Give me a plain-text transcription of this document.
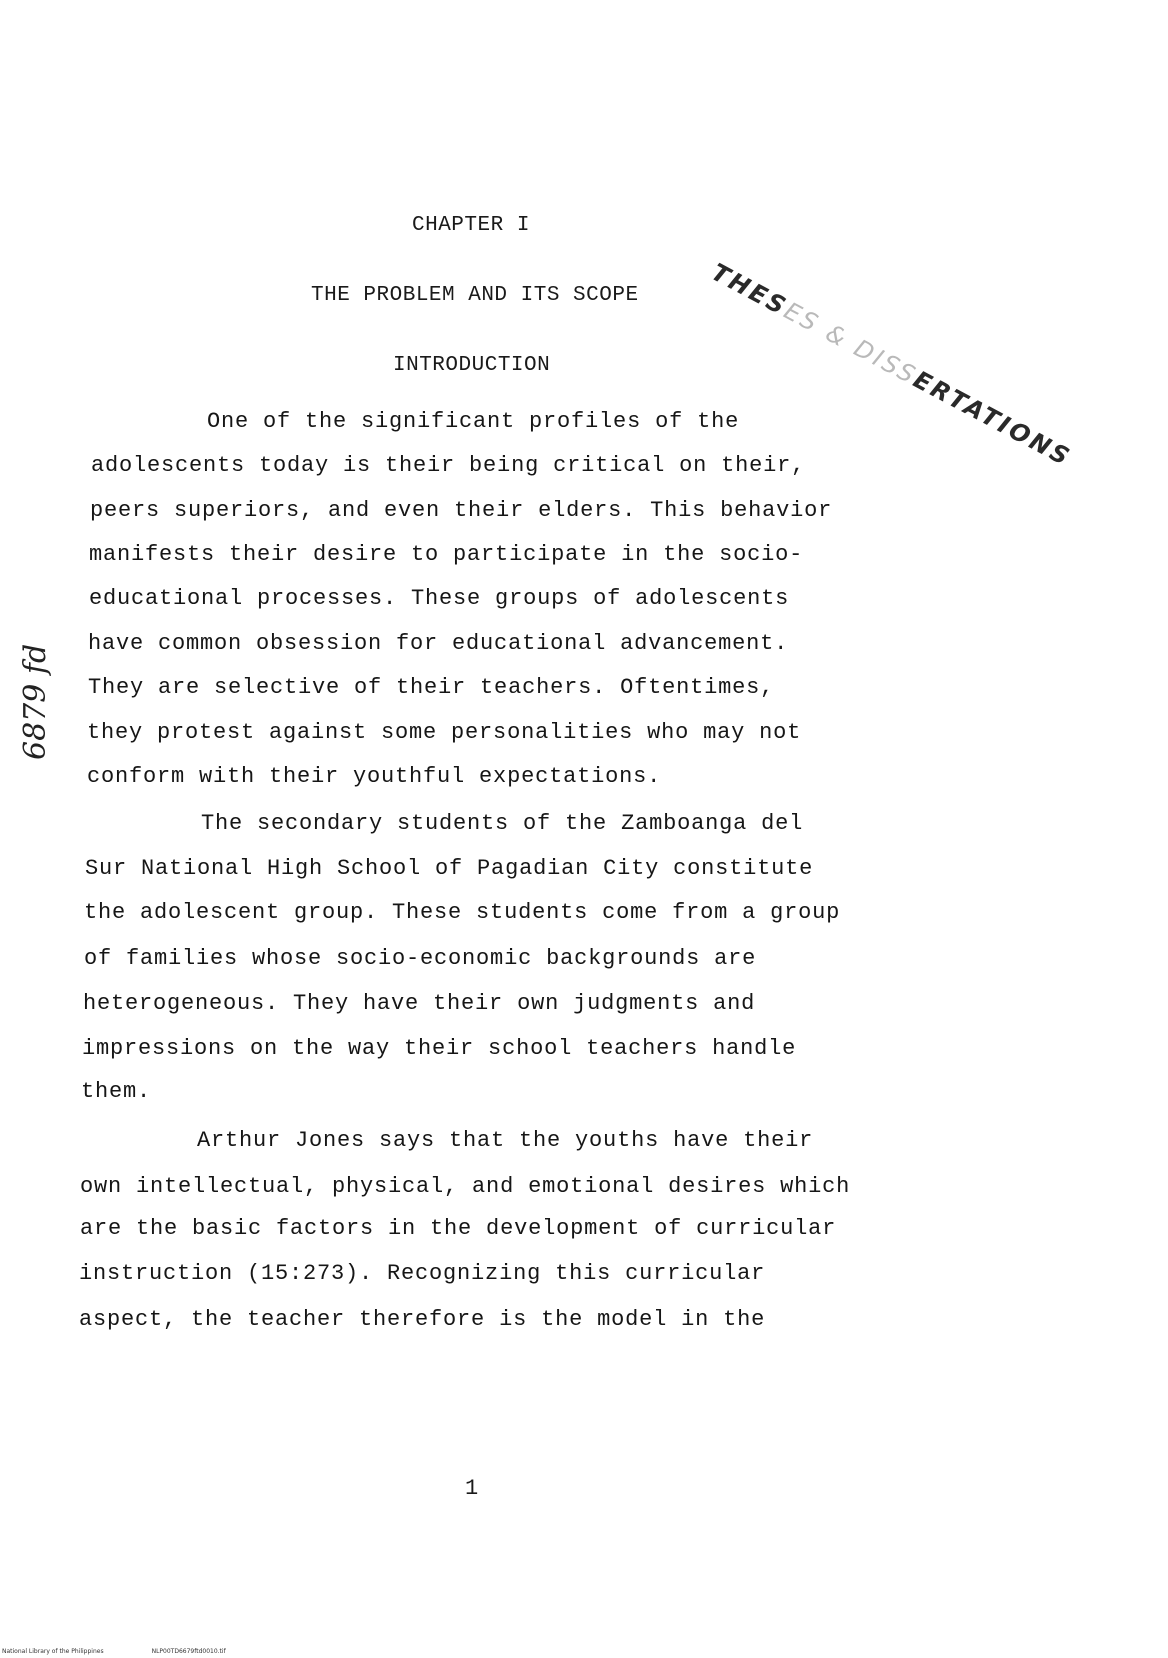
CHAPTER I
THE PROBLEM AND ITS SCOPE
INTRODUCTION
THESES & DISSERTATIONS
6879 fd
One of the significant profiles of the
adolescents today is their being critical on their,
peers superiors, and even their elders. This behavior
manifests their desire to participate in the socio-
educational processes. These groups of adolescents
have common obsession for educational advancement.
They are selective of their teachers. Oftentimes,
they protest against some personalities who may not
conform with their youthful expectations.
The secondary students of the Zamboanga del
Sur National High School of Pagadian City constitute
the adolescent group. These students come from a group
of families whose socio-economic backgrounds are
heterogeneous. They have their own judgments and
impressions on the way their school teachers handle
them.
Arthur Jones says that the youths have their
own intellectual, physical, and emotional desires which
are the basic factors in the development of curricular
instruction (15:273). Recognizing this curricular
aspect, the teacher therefore is the model in the
1
National Library of the Philippines	NLP00TD6679ftd0010.tif
